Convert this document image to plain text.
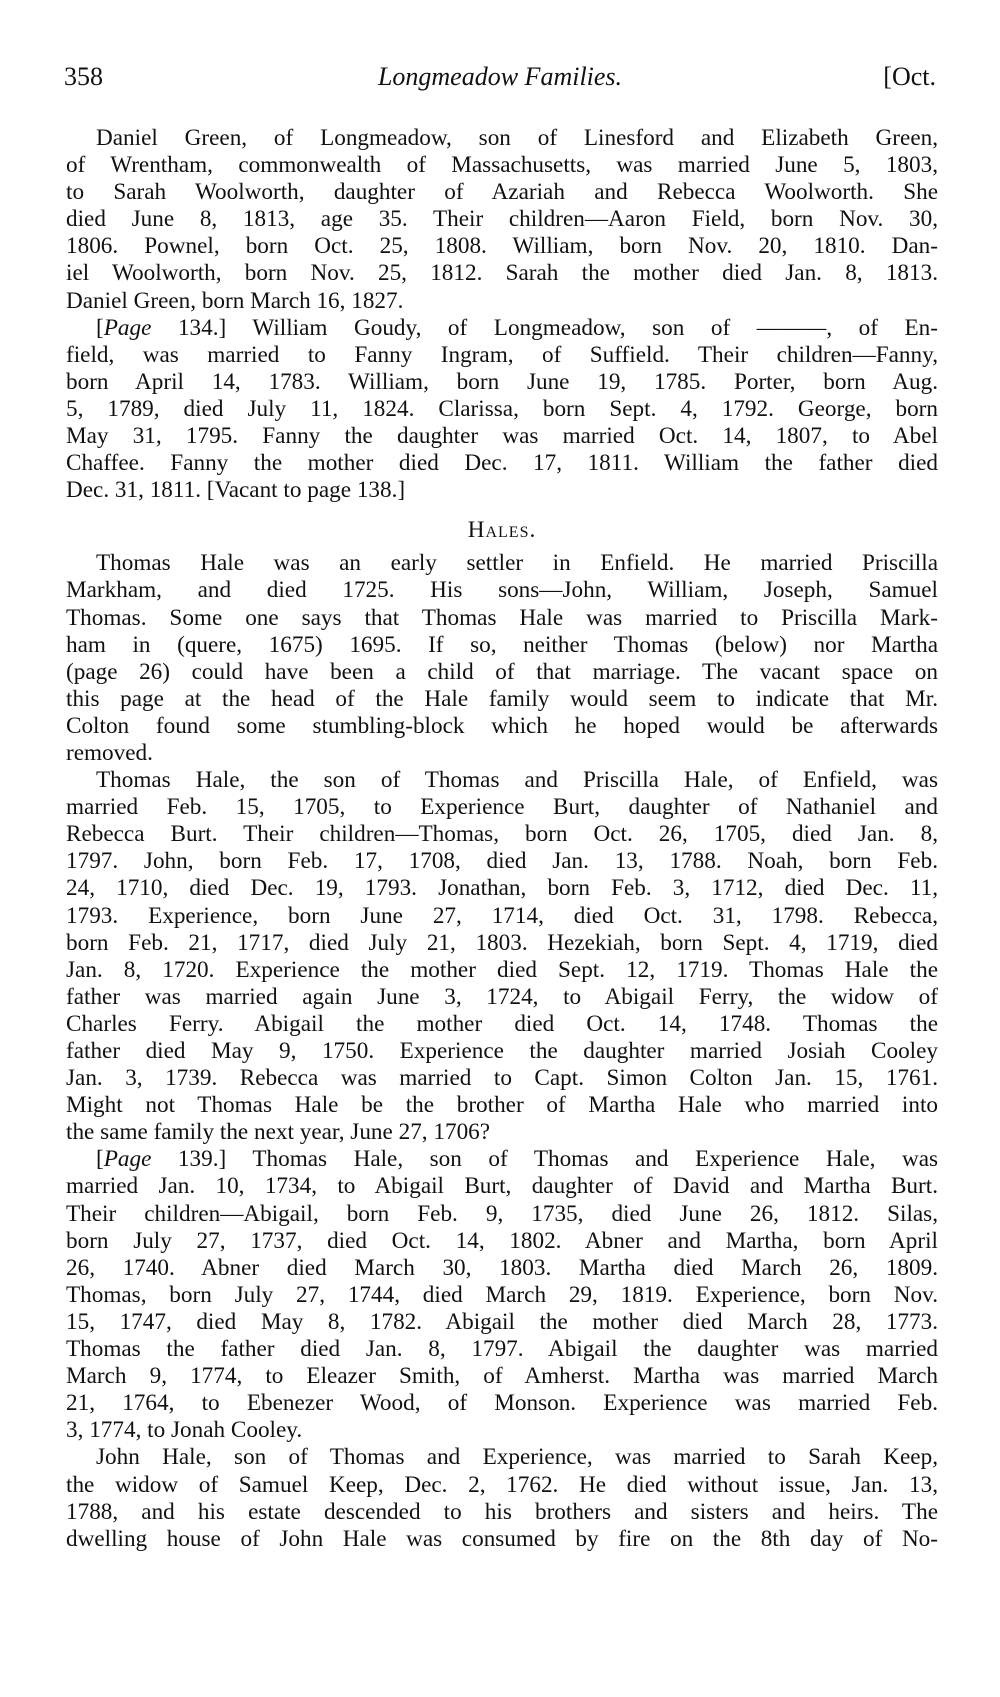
358	Longmeadow Families.	[Oct.
Daniel Green, of Longmeadow, son of Linesford and Elizabeth Green,
of Wrentham, commonwealth of Massachusetts, was married June 5, 1803,
to Sarah Woolworth, daughter of Azariah and Rebecca Woolworth. She
died June 8, 1813, age 35. Their children—Aaron Field, born Nov. 30,
1806. Pownel, born Oct. 25, 1808. William, born Nov. 20, 1810. Dan-
iel Woolworth, born Nov. 25, 1812. Sarah the mother died Jan. 8, 1813.
Daniel Green, born March 16, 1827.
[Page 134.] William Goudy, of Longmeadow, son of ———, of En-
field, was married to Fanny Ingram, of Suffield. Their children—Fanny,
born April 14, 1783. William, born June 19, 1785. Porter, born Aug.
5, 1789, died July 11, 1824. Clarissa, born Sept. 4, 1792. George, born
May 31, 1795. Fanny the daughter was married Oct. 14, 1807, to Abel
Chaffee. Fanny the mother died Dec. 17, 1811. William the father died
Dec. 31, 1811. [Vacant to page 138.]
Hales.
Thomas Hale was an early settler in Enfield. He married Priscilla
Markham, and died 1725. His sons—John, William, Joseph, Samuel
Thomas. Some one says that Thomas Hale was married to Priscilla Mark-
ham in (quere, 1675) 1695. If so, neither Thomas (below) nor Martha
(page 26) could have been a child of that marriage. The vacant space on
this page at the head of the Hale family would seem to indicate that Mr.
Colton found some stumbling-block which he hoped would be afterwards
removed.
Thomas Hale, the son of Thomas and Priscilla Hale, of Enfield, was
married Feb. 15, 1705, to Experience Burt, daughter of Nathaniel and
Rebecca Burt. Their children—Thomas, born Oct. 26, 1705, died Jan. 8,
1797. John, born Feb. 17, 1708, died Jan. 13, 1788. Noah, born Feb.
24, 1710, died Dec. 19, 1793. Jonathan, born Feb. 3, 1712, died Dec. 11,
1793. Experience, born June 27, 1714, died Oct. 31, 1798. Rebecca,
born Feb. 21, 1717, died July 21, 1803. Hezekiah, born Sept. 4, 1719, died
Jan. 8, 1720. Experience the mother died Sept. 12, 1719. Thomas Hale the
father was married again June 3, 1724, to Abigail Ferry, the widow of
Charles Ferry. Abigail the mother died Oct. 14, 1748. Thomas the
father died May 9, 1750. Experience the daughter married Josiah Cooley
Jan. 3, 1739. Rebecca was married to Capt. Simon Colton Jan. 15, 1761.
Might not Thomas Hale be the brother of Martha Hale who married into
the same family the next year, June 27, 1706?
[Page 139.] Thomas Hale, son of Thomas and Experience Hale, was
married Jan. 10, 1734, to Abigail Burt, daughter of David and Martha Burt.
Their children—Abigail, born Feb. 9, 1735, died June 26, 1812. Silas,
born July 27, 1737, died Oct. 14, 1802. Abner and Martha, born April
26, 1740. Abner died March 30, 1803. Martha died March 26, 1809.
Thomas, born July 27, 1744, died March 29, 1819. Experience, born Nov.
15, 1747, died May 8, 1782. Abigail the mother died March 28, 1773.
Thomas the father died Jan. 8, 1797. Abigail the daughter was married
March 9, 1774, to Eleazer Smith, of Amherst. Martha was married March
21, 1764, to Ebenezer Wood, of Monson. Experience was married Feb.
3, 1774, to Jonah Cooley.
John Hale, son of Thomas and Experience, was married to Sarah Keep,
the widow of Samuel Keep, Dec. 2, 1762. He died without issue, Jan. 13,
1788, and his estate descended to his brothers and sisters and heirs. The
dwelling house of John Hale was consumed by fire on the 8th day of No-
